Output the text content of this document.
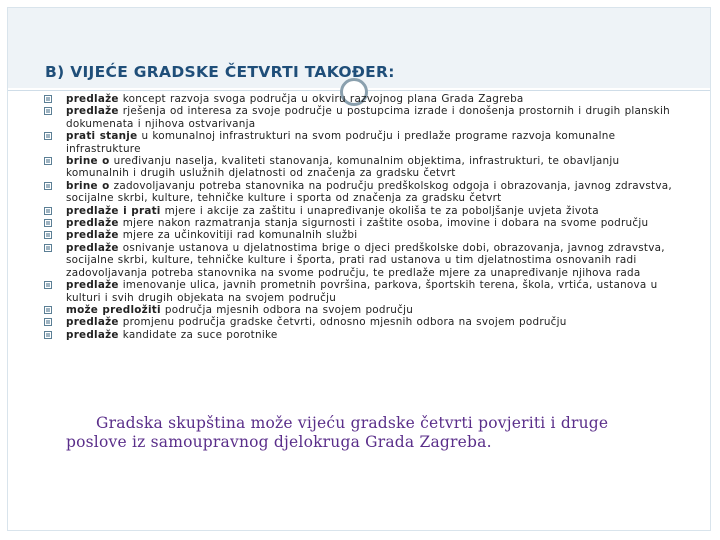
B) VIJEĆE GRADSKE ČETVRTI TAKOĐER:
predlaže koncept razvoja svoga područja u okviru razvojnog plana Grada Zagreba
predlaže rješenja od interesa za svoje područje u postupcima izrade i donošenja prostornih i drugih planskih dokumenata i njihova ostvarivanja
prati stanje u komunalnoj infrastrukturi na svom području i predlaže programe razvoja komunalne infrastrukture
brine o uređivanju naselja, kvaliteti stanovanja, komunalnim objektima, infrastrukturi, te obavljanju komunalnih i drugih uslužnih djelatnosti od značenja za gradsku četvrt
brine o zadovoljavanju potreba stanovnika na području predškolskog odgoja i obrazovanja, javnog zdravstva, socijalne skrbi, kulture, tehničke kulture i sporta od značenja za gradsku četvrt
predlaže i prati mjere i akcije za zaštitu i unapređivanje okoliša te za poboljšanje uvjeta života
predlaže mjere nakon razmatranja stanja sigurnosti i zaštite osoba, imovine i dobara na svome području
predlaže mjere za učinkovitiji rad komunalnih službi
predlaže osnivanje ustanova u djelatnostima brige o djeci predškolske dobi, obrazovanja, javnog zdravstva, socijalne skrbi, kulture, tehničke kulture i športa, prati rad ustanova u tim djelatnostima osnovanih radi zadovoljavanja potreba stanovnika na svome području, te predlaže mjere za unapređivanje njihova rada
predlaže imenovanje ulica, javnih prometnih površina, parkova, športskih terena, škola, vrtića, ustanova u kulturi i svih drugih objekata na svojem području
može predložiti područja mjesnih odbora na svojem području
predlaže promjenu područja gradske četvrti, odnosno mjesnih odbora na svojem području
predlaže kandidate za suce porotnike
Gradska skupština može vijeću gradske četvrti povjeriti i druge poslove iz samoupravnog djelokruga Grada Zagreba.
